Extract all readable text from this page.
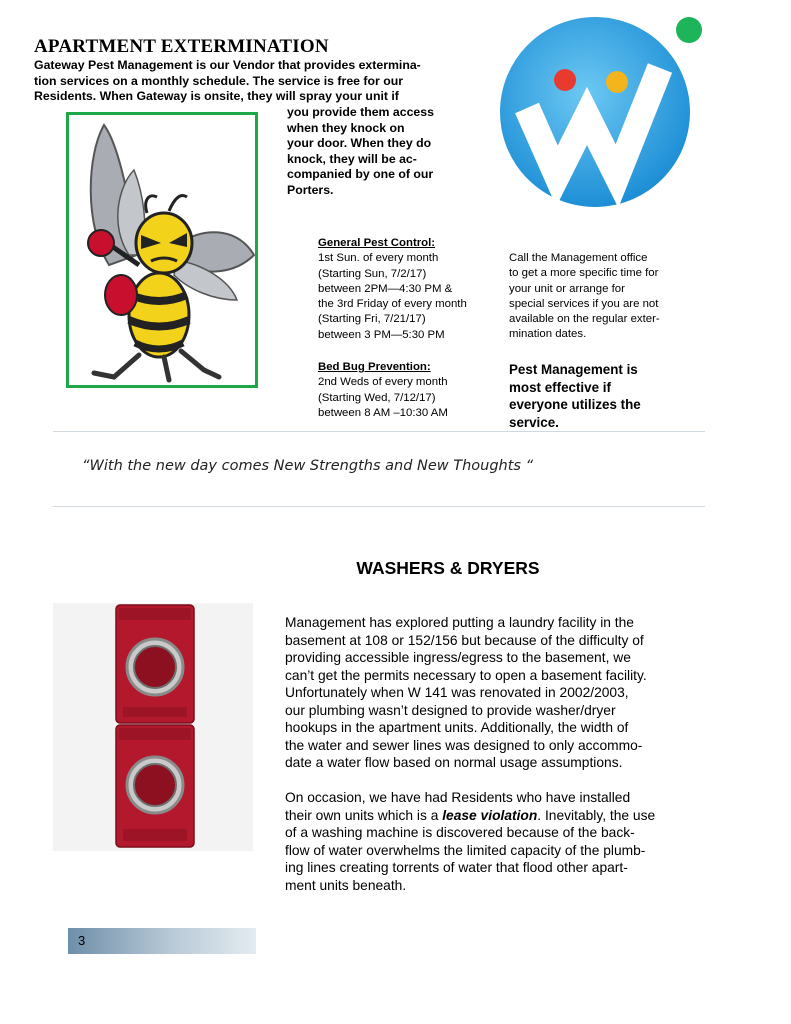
APARTMENT EXTERMINATION
Gateway Pest Management is our Vendor that provides extermina-
tion services on a monthly schedule. The service is free for our
Residents. When Gateway is onsite, they will spray your unit if
you provide them access
when they knock on
your door. When they do
knock, they will be ac-
companied by one of our
Porters.
General Pest Control:
1st Sun. of every month
(Starting Sun, 7/2/17)
between 2PM—4:30 PM &
the 3rd Friday of every month
(Starting Fri, 7/21/17)
between 3 PM—5:30 PM
Bed Bug Prevention:
2nd Weds of every month
(Starting Wed, 7/12/17)
between 8 AM –10:30 AM
Call the Management office
to get a more specific time for
your unit or arrange for
special services if you are not
available on the regular exter-
mination dates.
Pest Management is
most effective if
everyone utilizes the
service.
“With the new day comes New Strengths and New Thoughts “
WASHERS & DRYERS

Management has explored putting a laundry facility in the
basement at 108 or 152/156 but because of the difficulty of
providing accessible ingress/egress to the basement, we
can’t get the permits necessary to open a basement facility.
Unfortunately when W 141 was renovated in 2002/2003,
our plumbing wasn’t designed to provide washer/dryer
hookups in the apartment units. Additionally, the width of
the water and sewer lines was designed to only accommo-
date a water flow based on normal usage assumptions.

On occasion, we have had Residents who have installed
their own units which is a lease violation. Inevitably, the use
of a washing machine is discovered because of the back-
flow of water overwhelms the limited capacity of the plumb-
ing lines creating torrents of water that flood other apart-
ment units beneath.

3
